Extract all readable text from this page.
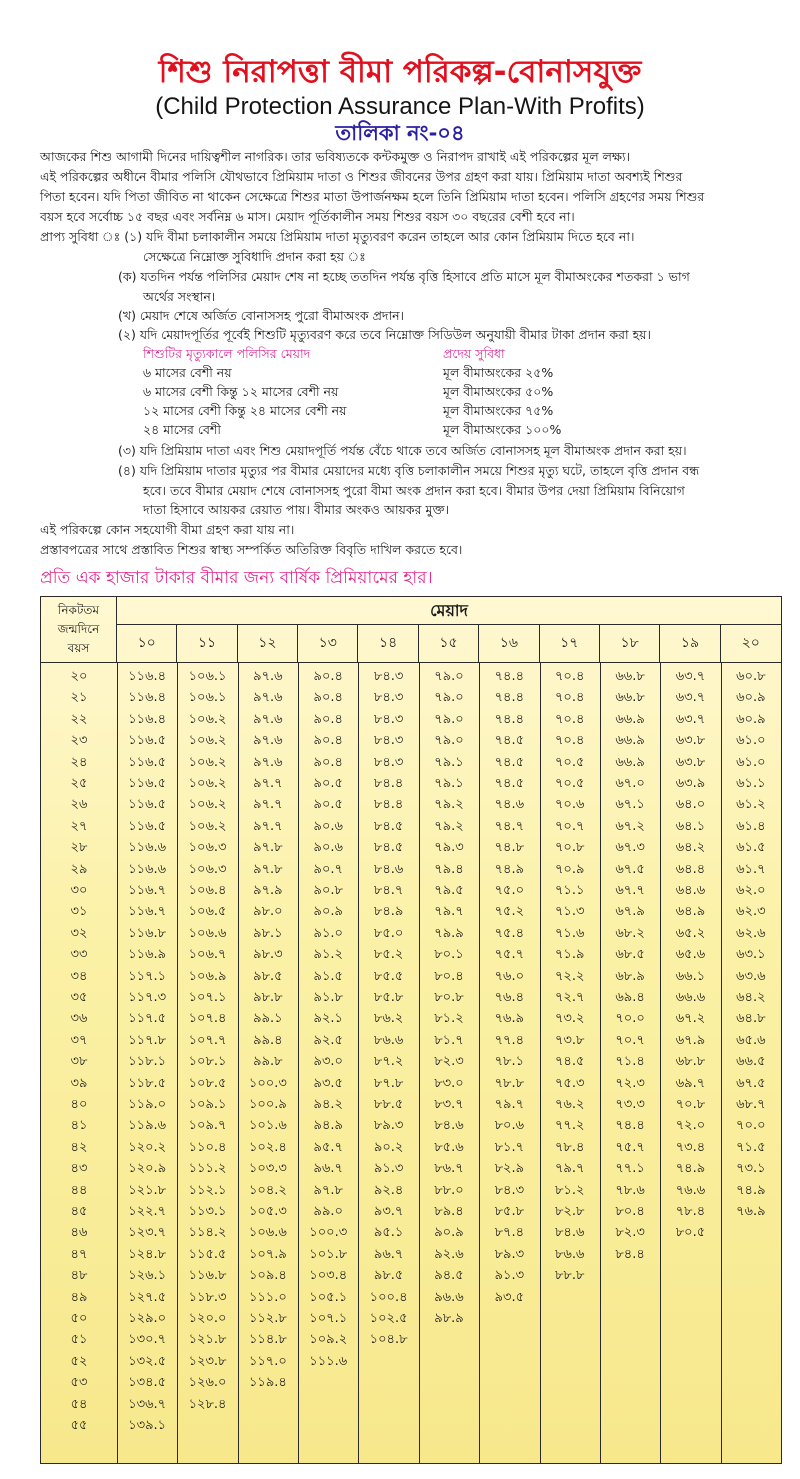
শিশু নিরাপত্তা বীমা পরিকল্প-বোনাসযুক্ত
(Child Protection Assurance Plan-With Profits)
তালিকা নং-০৪
আজকের শিশু আগামী দিনের দায়িত্বশীল নাগরিক। তার ভবিষ্যতকে কন্টকমুক্ত ও নিরাপদ রাখাই এই পরিকল্পের মূল লক্ষ্য।
এই পরিকল্পের অধীনে বীমার পলিসি যৌথভাবে প্রিমিয়াম দাতা ও শিশুর জীবনের উপর গ্রহণ করা যায়। প্রিমিয়াম দাতা অবশ্যই শিশুর
পিতা হবেন। যদি পিতা জীবিত না থাকেন সেক্ষেত্রে শিশুর মাতা উপার্জনক্ষম হলে তিনি প্রিমিয়াম দাতা হবেন। পলিসি গ্রহণের সময় শিশুর
বয়স হবে সর্বোচ্চ ১৫ বছর এবং সর্বনিম্ন ৬ মাস। মেয়াদ পূর্তিকালীন সময় শিশুর বয়স ৩০ বছরের বেশী হবে না।
প্রাপ্য সুবিধা ঃ (১) যদি বীমা চলাকালীন সময়ে প্রিমিয়াম দাতা মৃত্যুবরণ করেন তাহলে আর কোন প্রিমিয়াম দিতে হবে না।
সেক্ষেত্রে নিম্নোক্ত সুবিধাদি প্রদান করা হয় ঃ
(ক) যতদিন পর্যন্ত পলিসির মেয়াদ শেষ না হচ্ছে ততদিন পর্যন্ত বৃত্তি হিসাবে প্রতি মাসে মূল বীমাঅংকের শতকরা ১ ভাগ
অর্থের সংস্থান।
(খ) মেয়াদ শেষে অর্জিত বোনাসসহ পুরো বীমাঅংক প্রদান।
(২) যদি মেয়াদপূর্তির পূর্বেই শিশুটি মৃত্যুবরণ করে তবে নিম্নোক্ত সিডিউল অনুযায়ী বীমার টাকা প্রদান করা হয়।
শিশুটির মৃত্যুকালে পলিসির মেয়াদ	প্রদেয় সুবিধা
৬ মাসের বেশী নয়	মূল বীমাঅংকের ২৫%
৬ মাসের বেশী কিন্তু ১২ মাসের বেশী নয়	মূল বীমাঅংকের ৫০%
১২ মাসের বেশী কিন্তু ২৪ মাসের বেশী নয়	মূল বীমাঅংকের ৭৫%
২৪ মাসের বেশী	মূল বীমাঅংকের ১০০%
(৩) যদি প্রিমিয়াম দাতা এবং শিশু মেয়াদপূর্তি পর্যন্ত বেঁচে থাকে তবে অর্জিত বোনাসসহ মূল বীমাঅংক প্রদান করা হয়।
(৪) যদি প্রিমিয়াম দাতার মৃত্যুর পর বীমার মেয়াদের মধ্যে বৃত্তি চলাকালীন সময়ে শিশুর মৃত্যু ঘটে, তাহলে বৃত্তি প্রদান বন্ধ
হবে। তবে বীমার মেয়াদ শেষে বোনাসসহ পুরো বীমা অংক প্রদান করা হবে। বীমার উপর দেয়া প্রিমিয়াম বিনিয়োগ
দাতা হিসাবে আয়কর রেয়াত পায়। বীমার অংকও আয়কর মুক্ত।
এই পরিকল্পে কোন সহযোগী বীমা গ্রহণ করা যায় না।
প্রস্তাবপত্রের সাথে প্রস্তাবিত শিশুর স্বাস্থ্য সম্পর্কিত অতিরিক্ত বিবৃতি দাখিল করতে হবে।
প্রতি এক হাজার টাকার বীমার জন্য বার্ষিক প্রিমিয়ামের হার।
নিকটতম
জন্মদিনে
বয়স
মেয়াদ
১০	১১	১২	১৩	১৪	১৫	১৬	১৭	১৮	১৯	২০
২০	১১৬.৪	১০৬.১	৯৭.৬	৯০.৪	৮৪.৩	৭৯.০	৭৪.৪	৭০.৪	৬৬.৮	৬৩.৭	৬০.৮
২১	১১৬.৪	১০৬.১	৯৭.৬	৯০.৪	৮৪.৩	৭৯.০	৭৪.৪	৭০.৪	৬৬.৮	৬৩.৭	৬০.৯
২২	১১৬.৪	১০৬.২	৯৭.৬	৯০.৪	৮৪.৩	৭৯.০	৭৪.৪	৭০.৪	৬৬.৯	৬৩.৭	৬০.৯
২৩	১১৬.৫	১০৬.২	৯৭.৬	৯০.৪	৮৪.৩	৭৯.০	৭৪.৫	৭০.৪	৬৬.৯	৬৩.৮	৬১.০
২৪	১১৬.৫	১০৬.২	৯৭.৬	৯০.৪	৮৪.৩	৭৯.১	৭৪.৫	৭০.৫	৬৬.৯	৬৩.৮	৬১.০
২৫	১১৬.৫	১০৬.২	৯৭.৭	৯০.৫	৮৪.৪	৭৯.১	৭৪.৫	৭০.৫	৬৭.০	৬৩.৯	৬১.১
২৬	১১৬.৫	১০৬.২	৯৭.৭	৯০.৫	৮৪.৪	৭৯.২	৭৪.৬	৭০.৬	৬৭.১	৬৪.০	৬১.২
২৭	১১৬.৫	১০৬.২	৯৭.৭	৯০.৬	৮৪.৫	৭৯.২	৭৪.৭	৭০.৭	৬৭.২	৬৪.১	৬১.৪
২৮	১১৬.৬	১০৬.৩	৯৭.৮	৯০.৬	৮৪.৫	৭৯.৩	৭৪.৮	৭০.৮	৬৭.৩	৬৪.২	৬১.৫
২৯	১১৬.৬	১০৬.৩	৯৭.৮	৯০.৭	৮৪.৬	৭৯.৪	৭৪.৯	৭০.৯	৬৭.৫	৬৪.৪	৬১.৭
৩০	১১৬.৭	১০৬.৪	৯৭.৯	৯০.৮	৮৪.৭	৭৯.৫	৭৫.০	৭১.১	৬৭.৭	৬৪.৬	৬২.০
৩১	১১৬.৭	১০৬.৫	৯৮.০	৯০.৯	৮৪.৯	৭৯.৭	৭৫.২	৭১.৩	৬৭.৯	৬৪.৯	৬২.৩
৩২	১১৬.৮	১০৬.৬	৯৮.১	৯১.০	৮৫.০	৭৯.৯	৭৫.৪	৭১.৬	৬৮.২	৬৫.২	৬২.৬
৩৩	১১৬.৯	১০৬.৭	৯৮.৩	৯১.২	৮৫.২	৮০.১	৭৫.৭	৭১.৯	৬৮.৫	৬৫.৬	৬৩.১
৩৪	১১৭.১	১০৬.৯	৯৮.৫	৯১.৫	৮৫.৫	৮০.৪	৭৬.০	৭২.২	৬৮.৯	৬৬.১	৬৩.৬
৩৫	১১৭.৩	১০৭.১	৯৮.৮	৯১.৮	৮৫.৮	৮০.৮	৭৬.৪	৭২.৭	৬৯.৪	৬৬.৬	৬৪.২
৩৬	১১৭.৫	১০৭.৪	৯৯.১	৯২.১	৮৬.২	৮১.২	৭৬.৯	৭৩.২	৭০.০	৬৭.২	৬৪.৮
৩৭	১১৭.৮	১০৭.৭	৯৯.৪	৯২.৫	৮৬.৬	৮১.৭	৭৭.৪	৭৩.৮	৭০.৭	৬৭.৯	৬৫.৬
৩৮	১১৮.১	১০৮.১	৯৯.৮	৯৩.০	৮৭.২	৮২.৩	৭৮.১	৭৪.৫	৭১.৪	৬৮.৮	৬৬.৫
৩৯	১১৮.৫	১০৮.৫	১০০.৩	৯৩.৫	৮৭.৮	৮৩.০	৭৮.৮	৭৫.৩	৭২.৩	৬৯.৭	৬৭.৫
৪০	১১৯.০	১০৯.১	১০০.৯	৯৪.২	৮৮.৫	৮৩.৭	৭৯.৭	৭৬.২	৭৩.৩	৭০.৮	৬৮.৭
৪১	১১৯.৬	১০৯.৭	১০১.৬	৯৪.৯	৮৯.৩	৮৪.৬	৮০.৬	৭৭.২	৭৪.৪	৭২.০	৭০.০
৪২	১২০.২	১১০.৪	১০২.৪	৯৫.৭	৯০.২	৮৫.৬	৮১.৭	৭৮.৪	৭৫.৭	৭৩.৪	৭১.৫
৪৩	১২০.৯	১১১.২	১০৩.৩	৯৬.৭	৯১.৩	৮৬.৭	৮২.৯	৭৯.৭	৭৭.১	৭৪.৯	৭৩.১
৪৪	১২১.৮	১১২.১	১০৪.২	৯৭.৮	৯২.৪	৮৮.০	৮৪.৩	৮১.২	৭৮.৬	৭৬.৬	৭৪.৯
৪৫	১২২.৭	১১৩.১	১০৫.৩	৯৯.০	৯৩.৭	৮৯.৪	৮৫.৮	৮২.৮	৮০.৪	৭৮.৪	৭৬.৯
৪৬	১২৩.৭	১১৪.২	১০৬.৬	১০০.৩	৯৫.১	৯০.৯	৮৭.৪	৮৪.৬	৮২.৩	৮০.৫
৪৭	১২৪.৮	১১৫.৫	১০৭.৯	১০১.৮	৯৬.৭	৯২.৬	৮৯.৩	৮৬.৬	৮৪.৪
৪৮	১২৬.১	১১৬.৮	১০৯.৪	১০৩.৪	৯৮.৫	৯৪.৫	৯১.৩	৮৮.৮
৪৯	১২৭.৫	১১৮.৩	১১১.০	১০৫.১	১০০.৪	৯৬.৬	৯৩.৫
৫০	১২৯.০	১২০.০	১১২.৮	১০৭.১	১০২.৫	৯৮.৯
৫১	১৩০.৭	১২১.৮	১১৪.৮	১০৯.২	১০৪.৮
৫২	১৩২.৫	১২৩.৮	১১৭.০	১১১.৬
৫৩	১৩৪.৫	১২৬.০	১১৯.৪
৫৪	১৩৬.৭	১২৮.৪
৫৫	১৩৯.১
